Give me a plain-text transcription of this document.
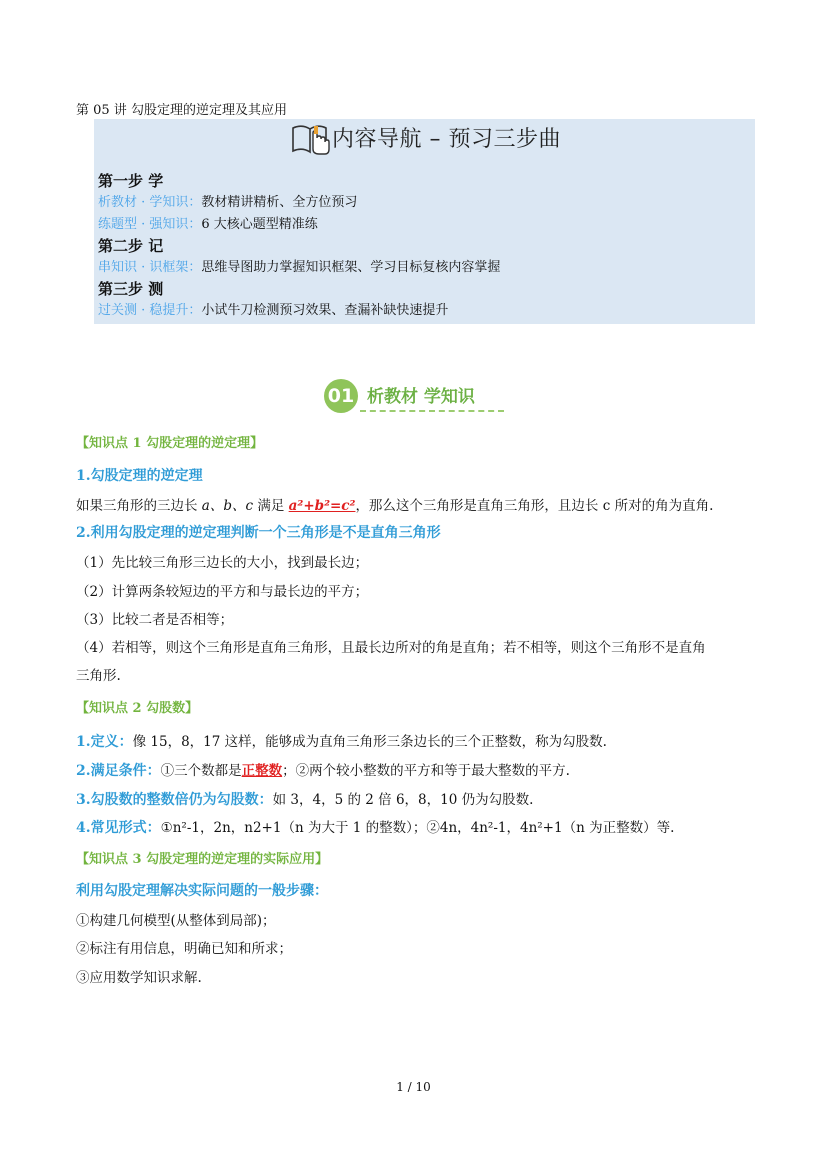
第 05 讲 勾股定理的逆定理及其应用
内容导航 – 预习三步曲
第一步 学
析教材 · 学知识：教材精讲精析、全方位预习
练题型 · 强知识：6 大核心题型精准练
第二步 记
串知识 · 识框架：思维导图助力掌握知识框架、学习目标复核内容掌握
第三步 测
过关测 · 稳提升：小试牛刀检测预习效果、查漏补缺快速提升
01 析教材 学知识
【知识点 1 勾股定理的逆定理】
1.勾股定理的逆定理
如果三角形的三边长 a、b、c 满足 a²+b²=c²，那么这个三角形是直角三角形，且边长 c 所对的角为直角.
2.利用勾股定理的逆定理判断一个三角形是不是直角三角形
（1）先比较三角形三边长的大小，找到最长边；
（2）计算两条较短边的平方和与最长边的平方；
（3）比较二者是否相等；
（4）若相等，则这个三角形是直角三角形，且最长边所对的角是直角；若不相等，则这个三角形不是直角
三角形.
【知识点 2 勾股数】
1.定义：像 15，8，17 这样，能够成为直角三角形三条边长的三个正整数，称为勾股数.
2.满足条件：①三个数都是正整数；②两个较小整数的平方和等于最大整数的平方.
3.勾股数的整数倍仍为勾股数：如 3，4，5 的 2 倍 6，8，10 仍为勾股数.
4.常见形式：①n²-1，2n，n2+1（n 为大于 1 的整数）；②4n，4n²-1，4n²+1（n 为正整数）等.
【知识点 3 勾股定理的逆定理的实际应用】
利用勾股定理解决实际问题的一般步骤：
①构建几何模型(从整体到局部)；
②标注有用信息，明确已知和所求；
③应用数学知识求解.
1 / 10
